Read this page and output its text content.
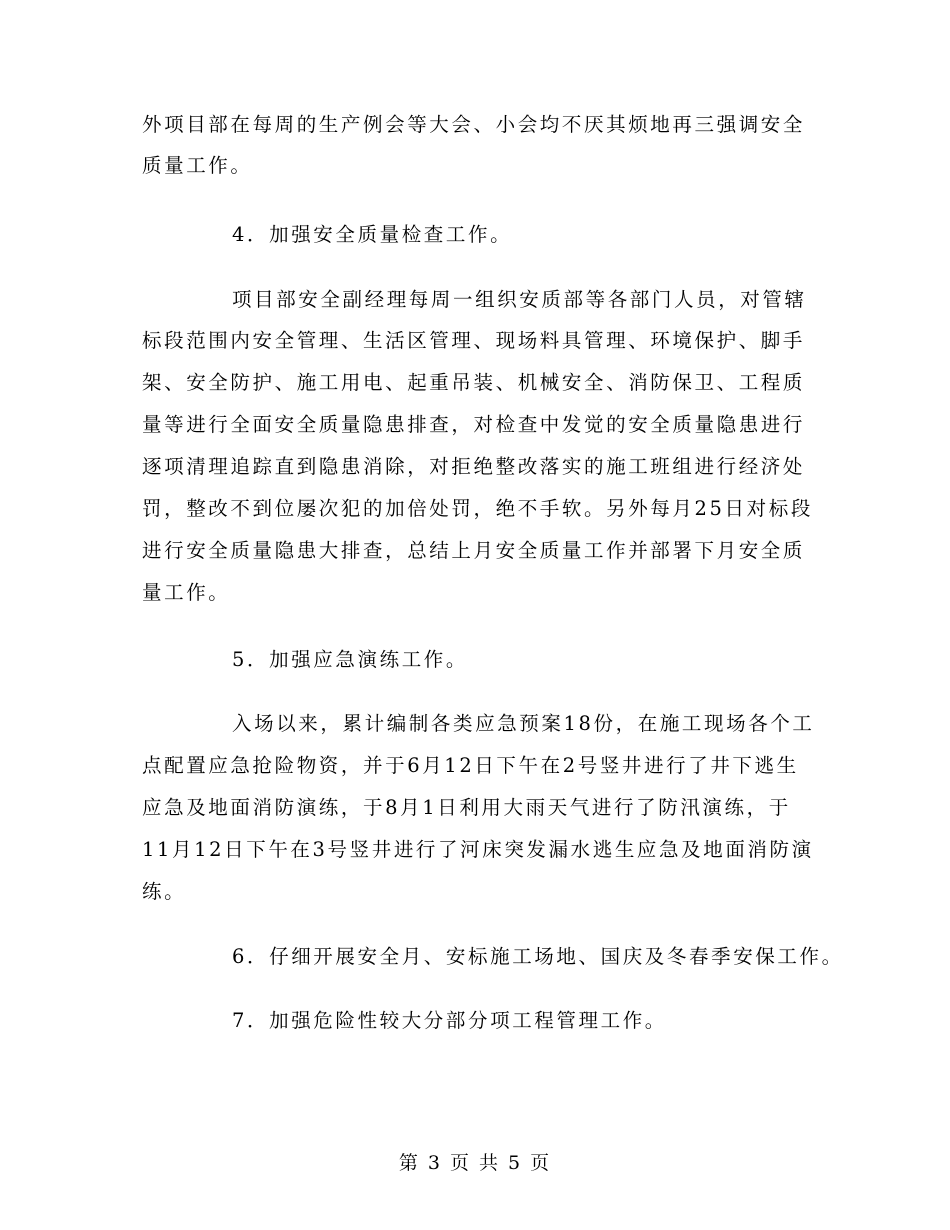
外项目部在每周的生产例会等大会、小会均不厌其烦地再三强调安全
质量工作。
4．加强安全质量检查工作。
项目部安全副经理每周一组织安质部等各部门人员，对管辖
标段范围内安全管理、生活区管理、现场料具管理、环境保护、脚手
架、安全防护、施工用电、起重吊装、机械安全、消防保卫、工程质
量等进行全面安全质量隐患排查，对检查中发觉的安全质量隐患进行
逐项清理追踪直到隐患消除，对拒绝整改落实的施工班组进行经济处
罚，整改不到位屡次犯的加倍处罚，绝不手软。另外每月25日对标段
进行安全质量隐患大排查，总结上月安全质量工作并部署下月安全质
量工作。
5．加强应急演练工作。
入场以来，累计编制各类应急预案18份，在施工现场各个工
点配置应急抢险物资，并于6月12日下午在2号竖井进行了井下逃生
应急及地面消防演练，于8月1日利用大雨天气进行了防汛演练，于
11月12日下午在3号竖井进行了河床突发漏水逃生应急及地面消防演
练。
6．仔细开展安全月、安标施工场地、国庆及冬春季安保工作。
7．加强危险性较大分部分项工程管理工作。
第 3 页 共 5 页
